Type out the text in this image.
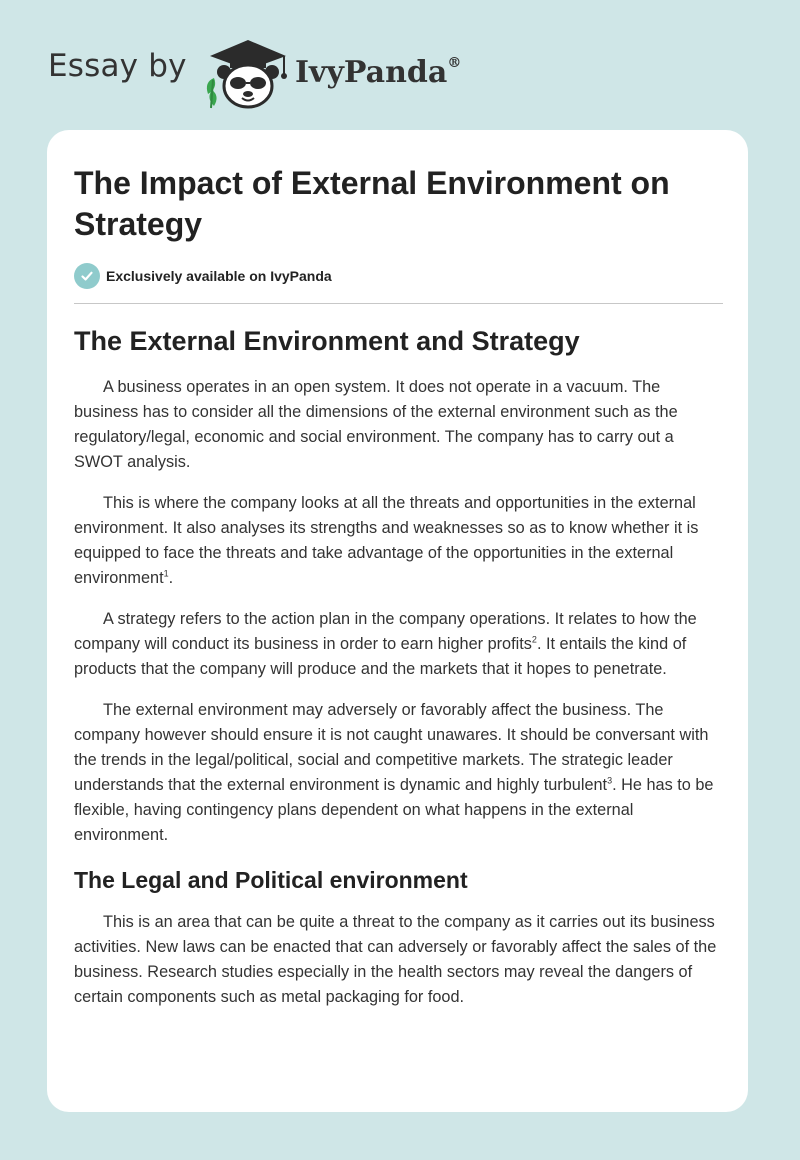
Essay by	IvyPanda®
The Impact of External Environment on Strategy
Exclusively available on IvyPanda
The External Environment and Strategy

A business operates in an open system. It does not operate in a vacuum. The business has to consider all the dimensions of the external environment such as the regulatory/legal, economic and social environment. The company has to carry out a SWOT analysis.

This is where the company looks at all the threats and opportunities in the external environment. It also analyses its strengths and weaknesses so as to know whether it is equipped to face the threats and take advantage of the opportunities in the external environment$^1$.

A strategy refers to the action plan in the company operations. It relates to how the company will conduct its business in order to earn higher profits$^2$. It entails the kind of products that the company will produce and the markets that it hopes to penetrate.

The external environment may adversely or favorably affect the business. The company however should ensure it is not caught unawares. It should be conversant with the trends in the legal/political, social and competitive markets. The strategic leader understands that the external environment is dynamic and highly turbulent$^3$. He has to be flexible, having contingency plans dependent on what happens in the external environment.

The Legal and Political environment

This is an area that can be quite a threat to the company as it carries out its business activities. New laws can be enacted that can adversely or favorably affect the sales of the business. Research studies especially in the health sectors may reveal the dangers of certain components such as metal packaging for food.
